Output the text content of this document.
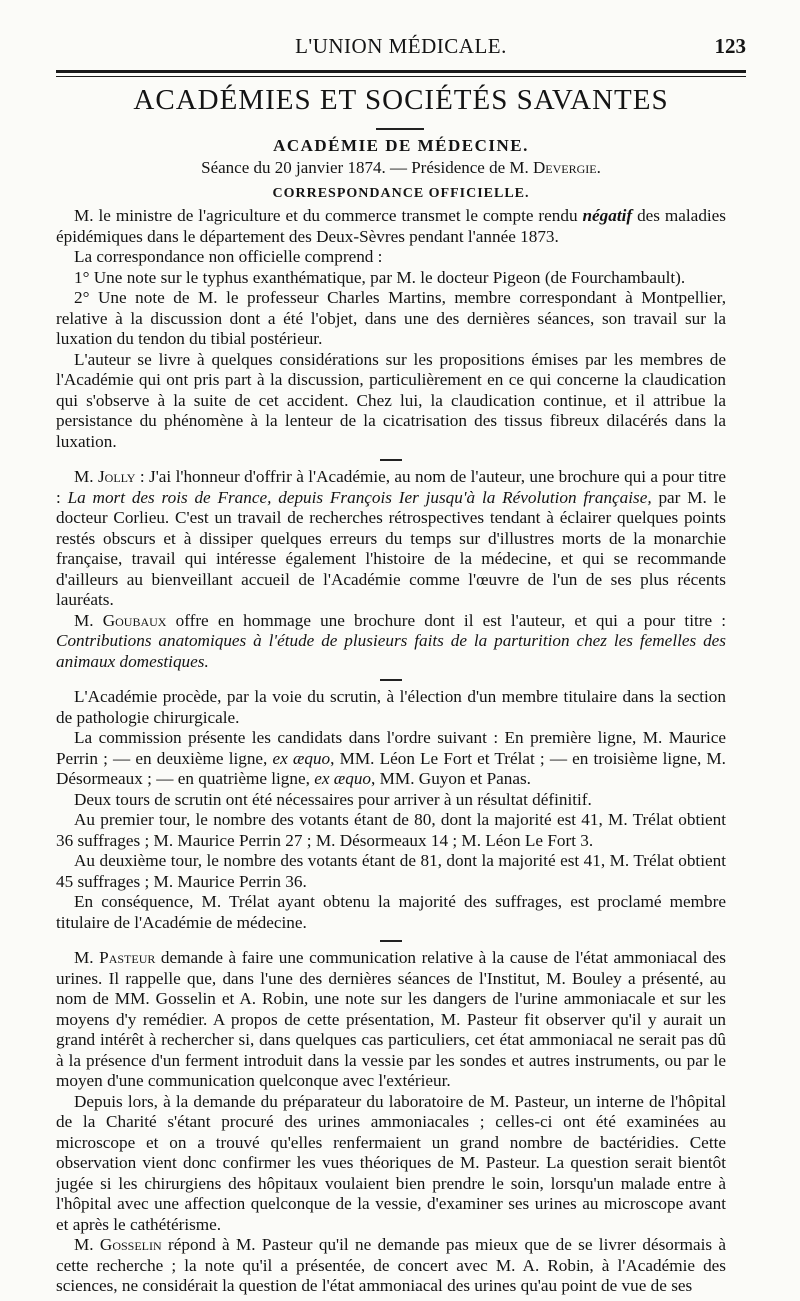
L'UNION MÉDICALE.	123
ACADÉMIES ET SOCIÉTÉS SAVANTES
ACADÉMIE DE MÉDECINE.
Séance du 20 janvier 1874. — Présidence de M. Devergie.
CORRESPONDANCE OFFICIELLE.

M. le ministre de l'agriculture et du commerce transmet le compte rendu négatif des maladies épidémiques dans le département des Deux-Sèvres pendant l'année 1873.

La correspondance non officielle comprend :

1° Une note sur le typhus exanthématique, par M. le docteur Pigeon (de Fourchambault).

2° Une note de M. le professeur Charles Martins, membre correspondant à Montpellier, relative à la discussion dont a été l'objet, dans une des dernières séances, son travail sur la luxation du tendon du tibial postérieur.

L'auteur se livre à quelques considérations sur les propositions émises par les membres de l'Académie qui ont pris part à la discussion, particulièrement en ce qui concerne la claudication qui s'observe à la suite de cet accident. Chez lui, la claudication continue, et il attribue la persistance du phénomène à la lenteur de la cicatrisation des tissus fibreux dilacérés dans la luxation.

M. Jolly : J'ai l'honneur d'offrir à l'Académie, au nom de l'auteur, une brochure qui a pour titre : La mort des rois de France, depuis François Ier jusqu'à la Révolution française, par M. le docteur Corlieu. C'est un travail de recherches rétrospectives tendant à éclairer quelques points restés obscurs et à dissiper quelques erreurs du temps sur d'illustres morts de la monarchie française, travail qui intéresse également l'histoire de la médecine, et qui se recommande d'ailleurs au bienveillant accueil de l'Académie comme l'œuvre de l'un de ses plus récents lauréats.

M. Goubaux offre en hommage une brochure dont il est l'auteur, et qui a pour titre : Contributions anatomiques à l'étude de plusieurs faits de la parturition chez les femelles des animaux domestiques.

L'Académie procède, par la voie du scrutin, à l'élection d'un membre titulaire dans la section de pathologie chirurgicale.

La commission présente les candidats dans l'ordre suivant : En première ligne, M. Maurice Perrin ; — en deuxième ligne, ex æquo, MM. Léon Le Fort et Trélat ; — en troisième ligne, M. Désormeaux ; — en quatrième ligne, ex æquo, MM. Guyon et Panas.

Deux tours de scrutin ont été nécessaires pour arriver à un résultat définitif.

Au premier tour, le nombre des votants étant de 80, dont la majorité est 41, M. Trélat obtient 36 suffrages ; M. Maurice Perrin 27 ; M. Désormeaux 14 ; M. Léon Le Fort 3.

Au deuxième tour, le nombre des votants étant de 81, dont la majorité est 41, M. Trélat obtient 45 suffrages ; M. Maurice Perrin 36.

En conséquence, M. Trélat ayant obtenu la majorité des suffrages, est proclamé membre titulaire de l'Académie de médecine.

M. Pasteur demande à faire une communication relative à la cause de l'état ammoniacal des urines. Il rappelle que, dans l'une des dernières séances de l'Institut, M. Bouley a présenté, au nom de MM. Gosselin et A. Robin, une note sur les dangers de l'urine ammoniacale et sur les moyens d'y remédier. A propos de cette présentation, M. Pasteur fit observer qu'il y aurait un grand intérêt à rechercher si, dans quelques cas particuliers, cet état ammoniacal ne serait pas dû à la présence d'un ferment introduit dans la vessie par les sondes et autres instruments, ou par le moyen d'une communication quelconque avec l'extérieur.

Depuis lors, à la demande du préparateur du laboratoire de M. Pasteur, un interne de l'hôpital de la Charité s'étant procuré des urines ammoniacales ; celles-ci ont été examinées au microscope et on a trouvé qu'elles renfermaient un grand nombre de bactéridies. Cette observation vient donc confirmer les vues théoriques de M. Pasteur. La question serait bientôt jugée si les chirurgiens des hôpitaux voulaient bien prendre le soin, lorsqu'un malade entre à l'hôpital avec une affection quelconque de la vessie, d'examiner ses urines au microscope avant et après le cathétérisme.

M. Gosselin répond à M. Pasteur qu'il ne demande pas mieux que de se livrer désormais à cette recherche ; la note qu'il a présentée, de concert avec M. A. Robin, à l'Académie des sciences, ne considérait la question de l'état ammoniacal des urines qu'au point de vue de ses
